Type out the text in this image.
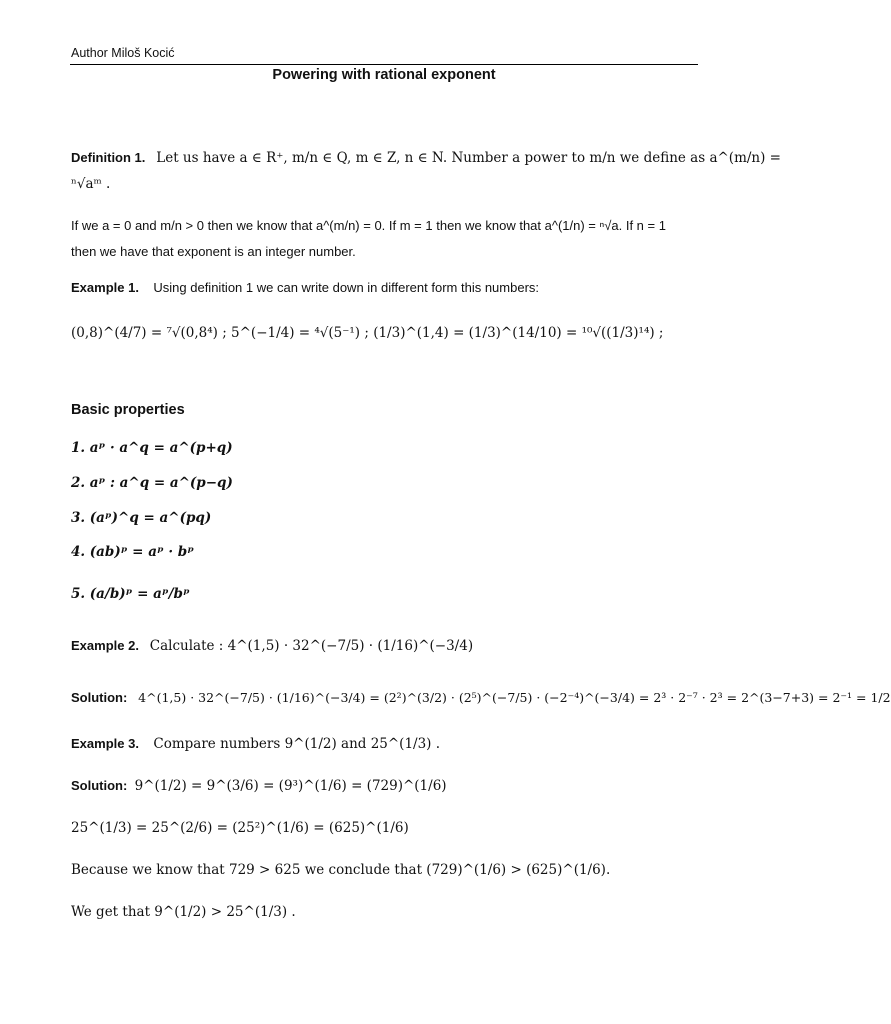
Author Miloš Kocić
Powering with rational exponent
Definition 1. Let us have a ∈ R⁺, m/n ∈ Q, m ∈ Z, n ∈ N. Number a power to m/n we define as a^(m/n) =
ⁿ√aᵐ .
If we a = 0 and m/n > 0 then we know that a^(m/n) = 0. If m = 1 then we know that a^(1/n) = ⁿ√a. If n = 1
then we have that exponent is an integer number.
Example 1. Using definition 1 we can write down in different form this numbers:
(0,8)^(4/7) = ⁷√(0,8⁴) ; 5^(−1/4) = ⁴√(5⁻¹) ; (1/3)^(1,4) = (1/3)^(14/10) = ¹⁰√((1/3)¹⁴) ;
Basic properties
1. aᵖ · a^q = a^(p+q)
2. aᵖ : a^q = a^(p−q)
3. (aᵖ)^q = a^(pq)
4. (ab)ᵖ = aᵖ · bᵖ
5. (a/b)ᵖ = aᵖ/bᵖ
Example 2. Calculate : 4^(1,5) · 32^(−7/5) · (1/16)^(−3/4)
Solution: 4^(1,5) · 32^(−7/5) · (1/16)^(−3/4) = (2²)^(3/2) · (2⁵)^(−7/5) · (−2⁻⁴)^(−3/4) = 2³ · 2⁻⁷ · 2³ = 2^(3−7+3) = 2⁻¹ = 1/2
Example 3. Compare numbers 9^(1/2) and 25^(1/3) .
Solution: 9^(1/2) = 9^(3/6) = (9³)^(1/6) = (729)^(1/6)
25^(1/3) = 25^(2/6) = (25²)^(1/6) = (625)^(1/6)
Because we know that 729 > 625 we conclude that (729)^(1/6) > (625)^(1/6).
We get that 9^(1/2) > 25^(1/3) .
